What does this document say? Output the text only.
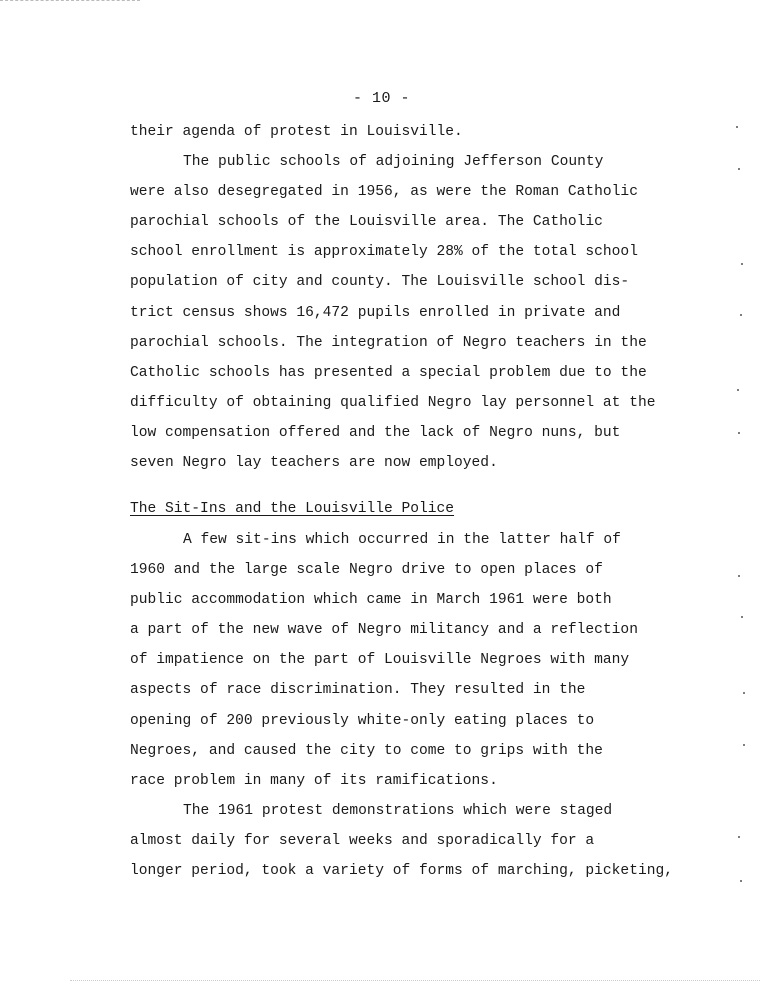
- 10 -
their agenda of protest in Louisville.
The public schools of adjoining Jefferson County
were also desegregated in 1956, as were the Roman Catholic
parochial schools of the Louisville area. The Catholic
school enrollment is approximately 28% of the total school
population of city and county. The Louisville school dis-
trict census shows 16,472 pupils enrolled in private and
parochial schools. The integration of Negro teachers in the
Catholic schools has presented a special problem due to the
difficulty of obtaining qualified Negro lay personnel at the
low compensation offered and the lack of Negro nuns, but
seven Negro lay teachers are now employed.
The Sit-Ins and the Louisville Police
A few sit-ins which occurred in the latter half of
1960 and the large scale Negro drive to open places of
public accommodation which came in March 1961 were both
a part of the new wave of Negro militancy and a reflection
of impatience on the part of Louisville Negroes with many
aspects of race discrimination. They resulted in the
opening of 200 previously white-only eating places to
Negroes, and caused the city to come to grips with the
race problem in many of its ramifications.
The 1961 protest demonstrations which were staged
almost daily for several weeks and sporadically for a
longer period, took a variety of forms of marching, picketing,
